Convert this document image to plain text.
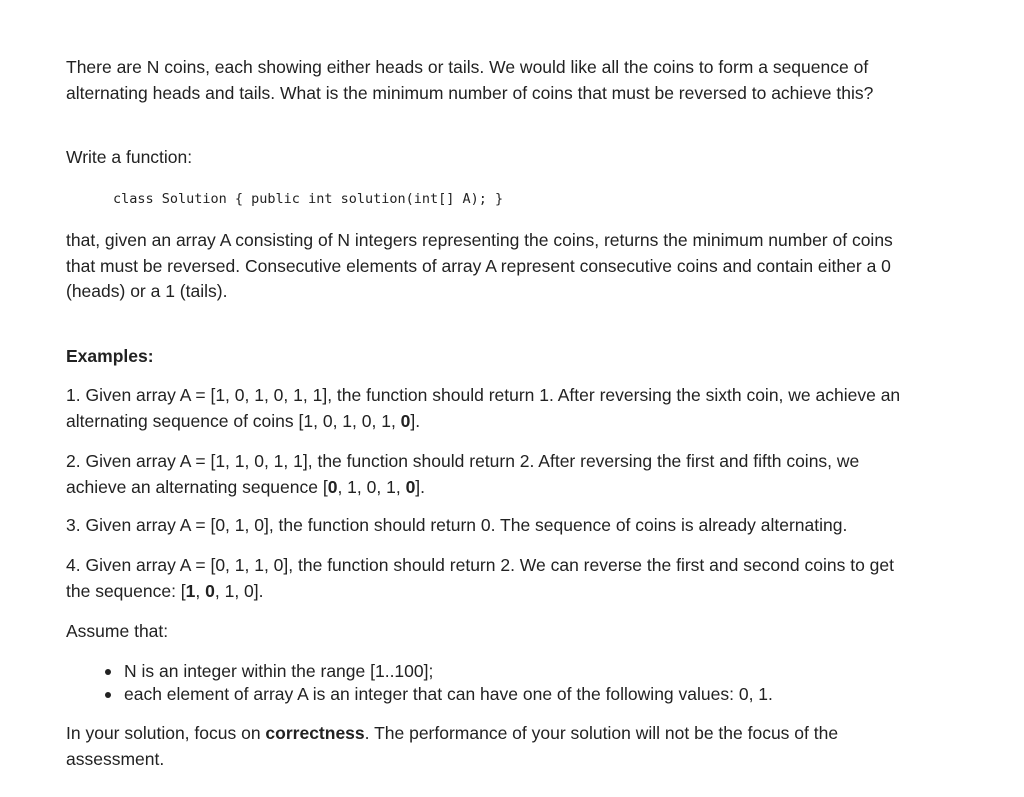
There are N coins, each showing either heads or tails. We would like all the coins to form a sequence of alternating heads and tails. What is the minimum number of coins that must be reversed to achieve this?

Write a function:

class Solution { public int solution(int[] A); }

that, given an array A consisting of N integers representing the coins, returns the minimum number of coins that must be reversed. Consecutive elements of array A represent consecutive coins and contain either a 0 (heads) or a 1 (tails).

Examples:

1. Given array A = [1, 0, 1, 0, 1, 1], the function should return 1. After reversing the sixth coin, we achieve an alternating sequence of coins [1, 0, 1, 0, 1, 0].

2. Given array A = [1, 1, 0, 1, 1], the function should return 2. After reversing the first and fifth coins, we achieve an alternating sequence [0, 1, 0, 1, 0].

3. Given array A = [0, 1, 0], the function should return 0. The sequence of coins is already alternating.

4. Given array A = [0, 1, 1, 0], the function should return 2. We can reverse the first and second coins to get the sequence: [1, 0, 1, 0].

Assume that:

N is an integer within the range [1..100];
each element of array A is an integer that can have one of the following values: 0, 1.

In your solution, focus on correctness. The performance of your solution will not be the focus of the assessment.
